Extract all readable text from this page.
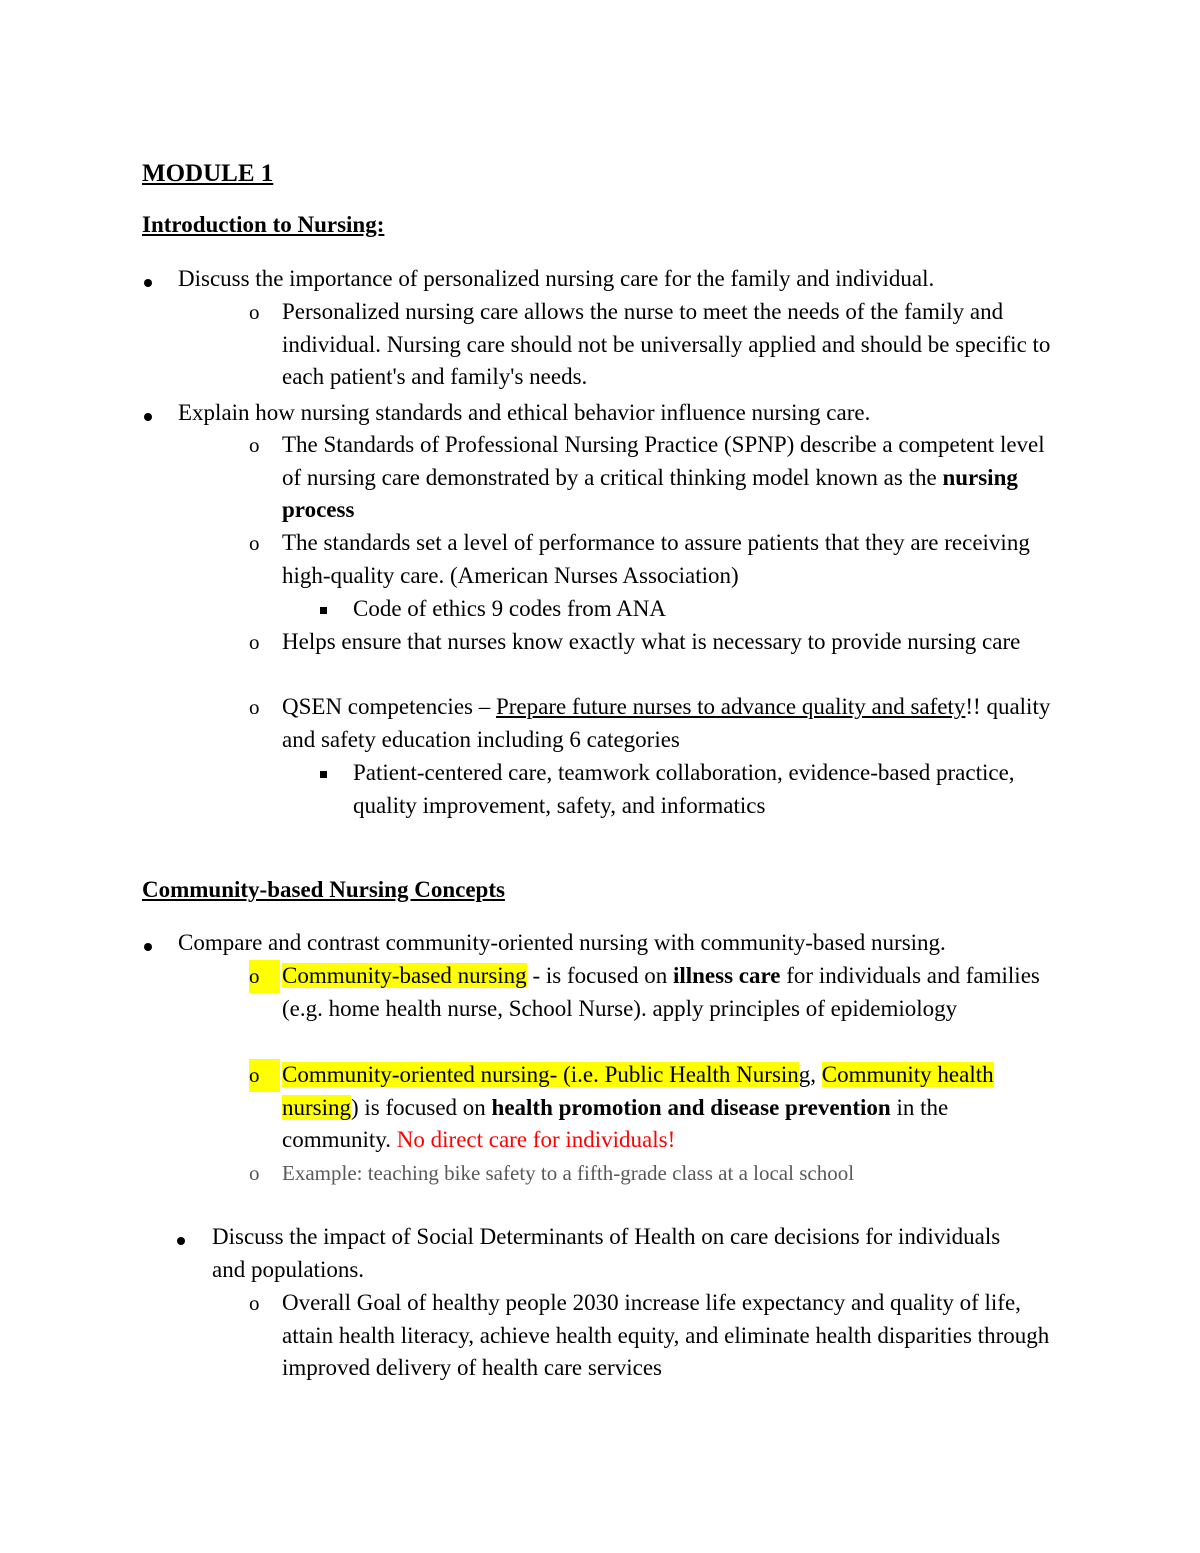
MODULE 1
Introduction to Nursing:
Discuss the importance of personalized nursing care for the family and individual.
o Personalized nursing care allows the nurse to meet the needs of the family and individual. Nursing care should not be universally applied and should be specific to each patient's and family's needs.
Explain how nursing standards and ethical behavior influence nursing care.
o The Standards of Professional Nursing Practice (SPNP) describe a competent level of nursing care demonstrated by a critical thinking model known as the nursing process
o The standards set a level of performance to assure patients that they are receiving high-quality care. (American Nurses Association)
Code of ethics 9 codes from ANA
o Helps ensure that nurses know exactly what is necessary to provide nursing care
o QSEN competencies – Prepare future nurses to advance quality and safety!! quality and safety education including 6 categories
Patient-centered care, teamwork collaboration, evidence-based practice, quality improvement, safety, and informatics
Community-based Nursing Concepts
Compare and contrast community-oriented nursing with community-based nursing.
o Community-based nursing - is focused on illness care for individuals and families (e.g. home health nurse, School Nurse). apply principles of epidemiology
o Community-oriented nursing- (i.e. Public Health Nursing, Community health nursing) is focused on health promotion and disease prevention in the community. No direct care for individuals!
o Example: teaching bike safety to a fifth-grade class at a local school
Discuss the impact of Social Determinants of Health on care decisions for individuals and populations.
o Overall Goal of healthy people 2030 increase life expectancy and quality of life, attain health literacy, achieve health equity, and eliminate health disparities through improved delivery of health care services
